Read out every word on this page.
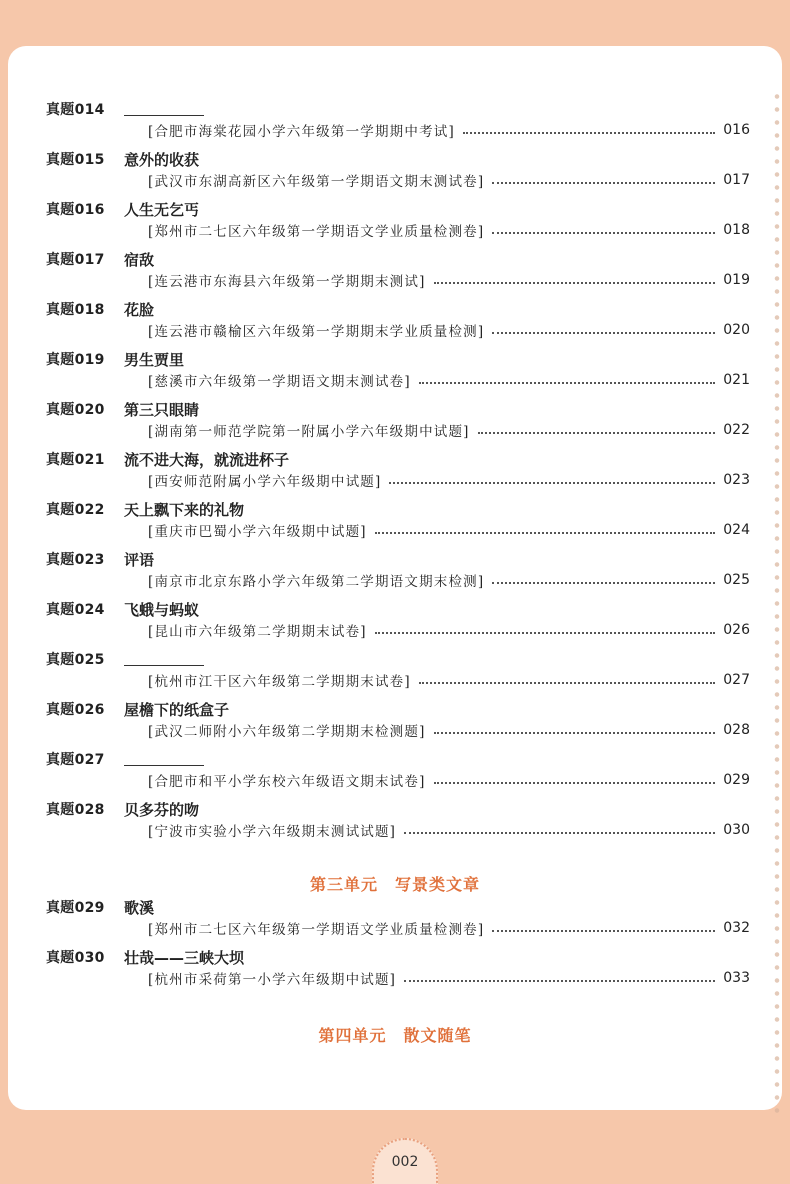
真题014
[合肥市海棠花园小学六年级第一学期期中考试]	016
真题015 意外的收获
[武汉市东湖高新区六年级第一学期语文期末测试卷]	017
真题016 人生无乞丐
[郑州市二七区六年级第一学期语文学业质量检测卷]	018
真题017 宿敌
[连云港市东海县六年级第一学期期末测试]	019
真题018 花脸
[连云港市赣榆区六年级第一学期期末学业质量检测]	020
真题019 男生贾里
[慈溪市六年级第一学期语文期末测试卷]	021
真题020 第三只眼睛
[湖南第一师范学院第一附属小学六年级期中试题]	022
真题021 流不进大海，就流进杯子
[西安师范附属小学六年级期中试题]	023
真题022 天上飘下来的礼物
[重庆市巴蜀小学六年级期中试题]	024
真题023 评语
[南京市北京东路小学六年级第二学期语文期末检测]	025
真题024 飞蛾与蚂蚁
[昆山市六年级第二学期期末试卷]	026
真题025
[杭州市江干区六年级第二学期期末试卷]	027
真题026 屋檐下的纸盒子
[武汉二师附小六年级第二学期期末检测题]	028
真题027
[合肥市和平小学东校六年级语文期末试卷]	029
真题028 贝多芬的吻
[宁波市实验小学六年级期末测试试题]	030
第三单元　写景类文章
真题029 歌溪
[郑州市二七区六年级第一学期语文学业质量检测卷]	032
真题030 壮哉——三峡大坝
[杭州市采荷第一小学六年级期中试题]	033
第四单元　散文随笔
002
